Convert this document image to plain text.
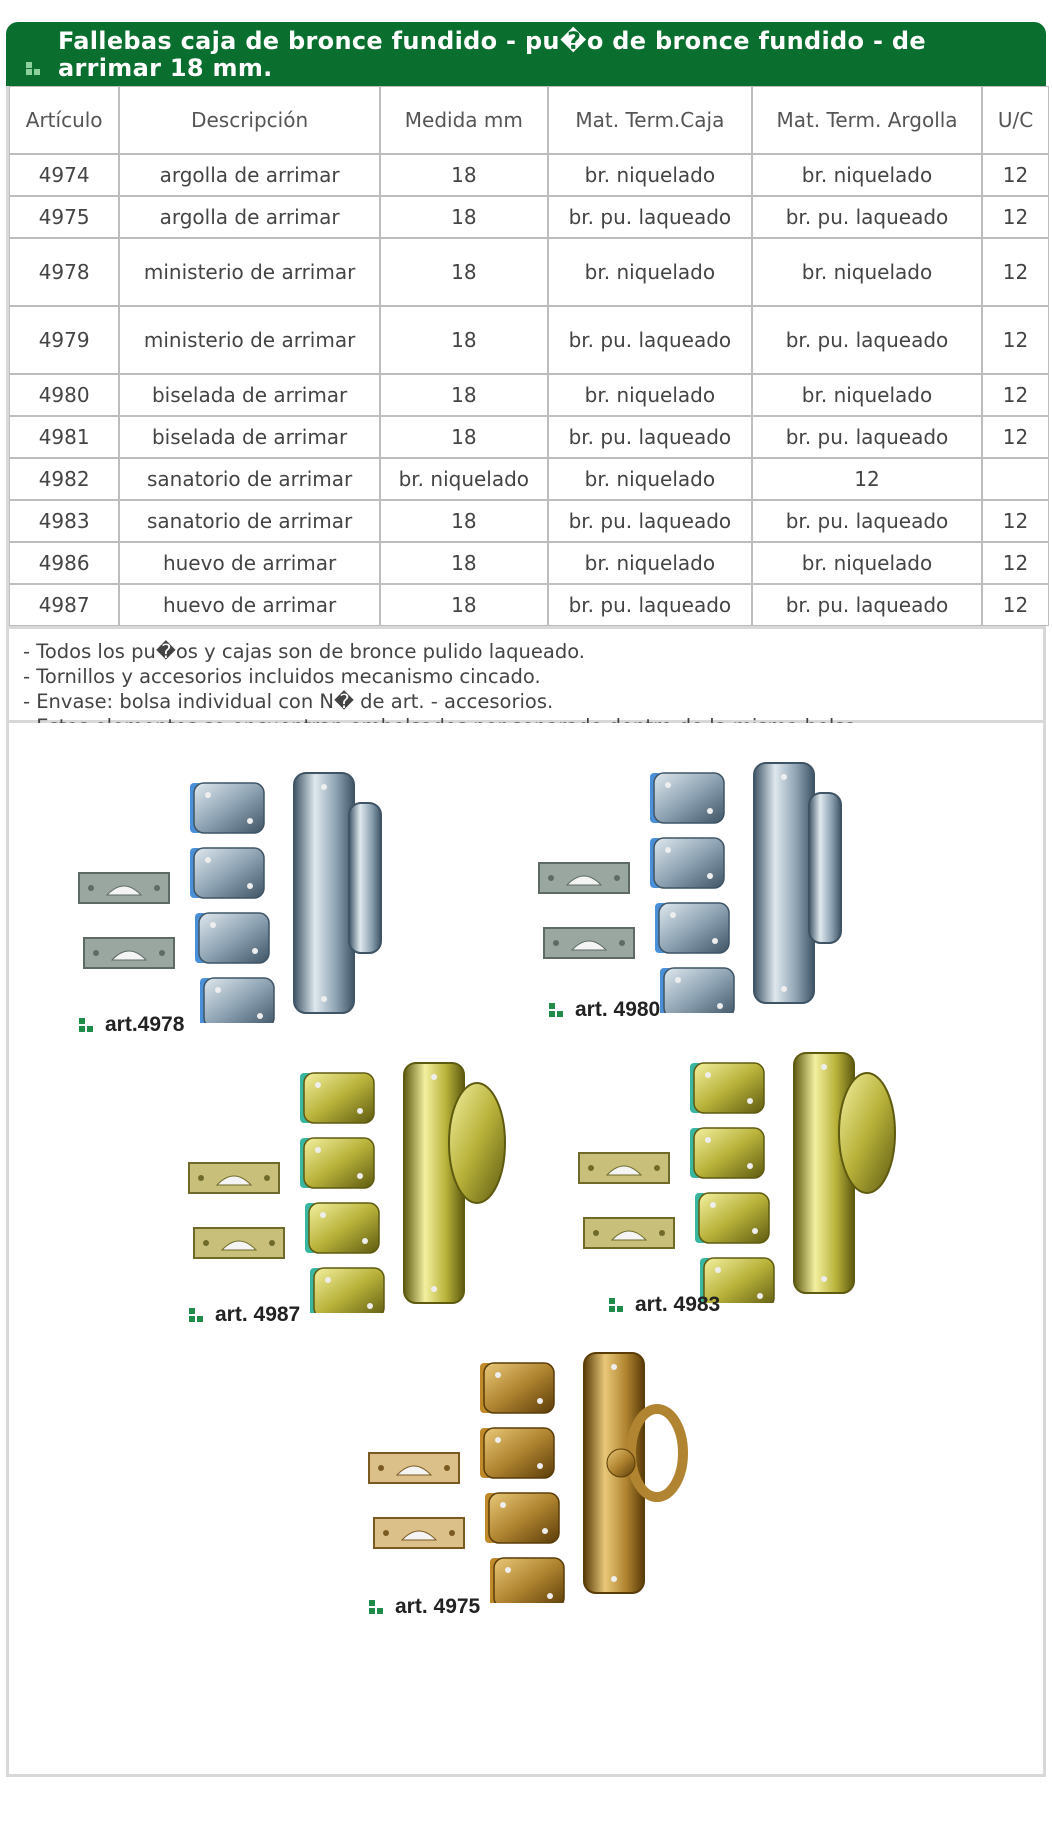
Fallebas caja de bronce fundido - pu�o de bronce fundido - de arrimar 18 mm.
Artículo	Descripción	Medida mm	Mat. Term.Caja	Mat. Term. Argolla	U/C
4974	argolla de arrimar	18	br. niquelado	br. niquelado	12
4975	argolla de arrimar	18	br. pu. laqueado	br. pu. laqueado	12
4978	ministerio de arrimar	18	br. niquelado	br. niquelado	12
4979	ministerio de arrimar	18	br. pu. laqueado	br. pu. laqueado	12
4980	biselada de arrimar	18	br. niquelado	br. niquelado	12
4981	biselada de arrimar	18	br. pu. laqueado	br. pu. laqueado	12
4982	sanatorio de arrimar	br. niquelado	br. niquelado	12	
4983	sanatorio de arrimar	18	br. pu. laqueado	br. pu. laqueado	12
4986	huevo de arrimar	18	br. niquelado	br. niquelado	12
4987	huevo de arrimar	18	br. pu. laqueado	br. pu. laqueado	12
- Todos los pu�os y cajas son de bronce pulido laqueado.
- Tornillos y accesorios incluidos mecanismo cincado.
- Envase: bolsa individual con N� de art. - accesorios.
art.4978
art. 4980
art. 4987	art. 4983
art. 4975
